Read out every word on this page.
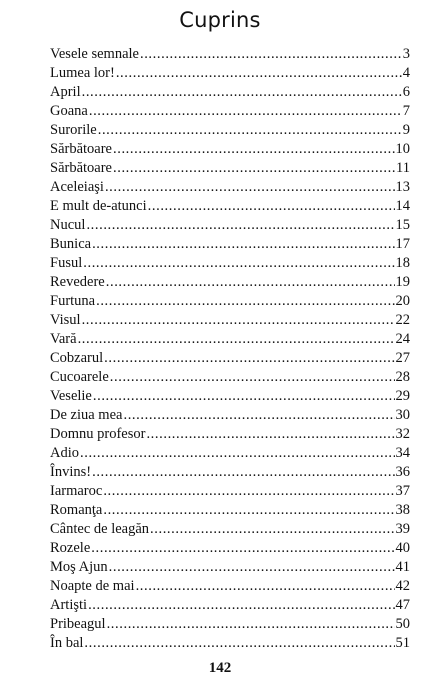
Cuprins
Vesele semnale .....	3
Lumea lor! .....	4
April .....	6
Goana .....	7
Surorile .....	9
Sărbătoare .....	10
Sărbătoare .....	11
Aceleiaşi .....	13
E mult de-atunci .....	14
Nucul .....	15
Bunica .....	17
Fusul .....	18
Revedere .....	19
Furtuna .....	20
Visul .....	22
Vară .....	24
Cobzarul .....	27
Cucoarele .....	28
Veselie .....	29
De ziua mea .....	30
Domnu profesor .....	32
Adio .....	34
Învins! .....	36
Iarmaroc .....	37
Romanţa .....	38
Cântec de leagăn .....	39
Rozele .....	40
Moş Ajun .....	41
Noapte de mai .....	42
Artişti .....	47
Pribeagul .....	50
În bal .....	51
142
